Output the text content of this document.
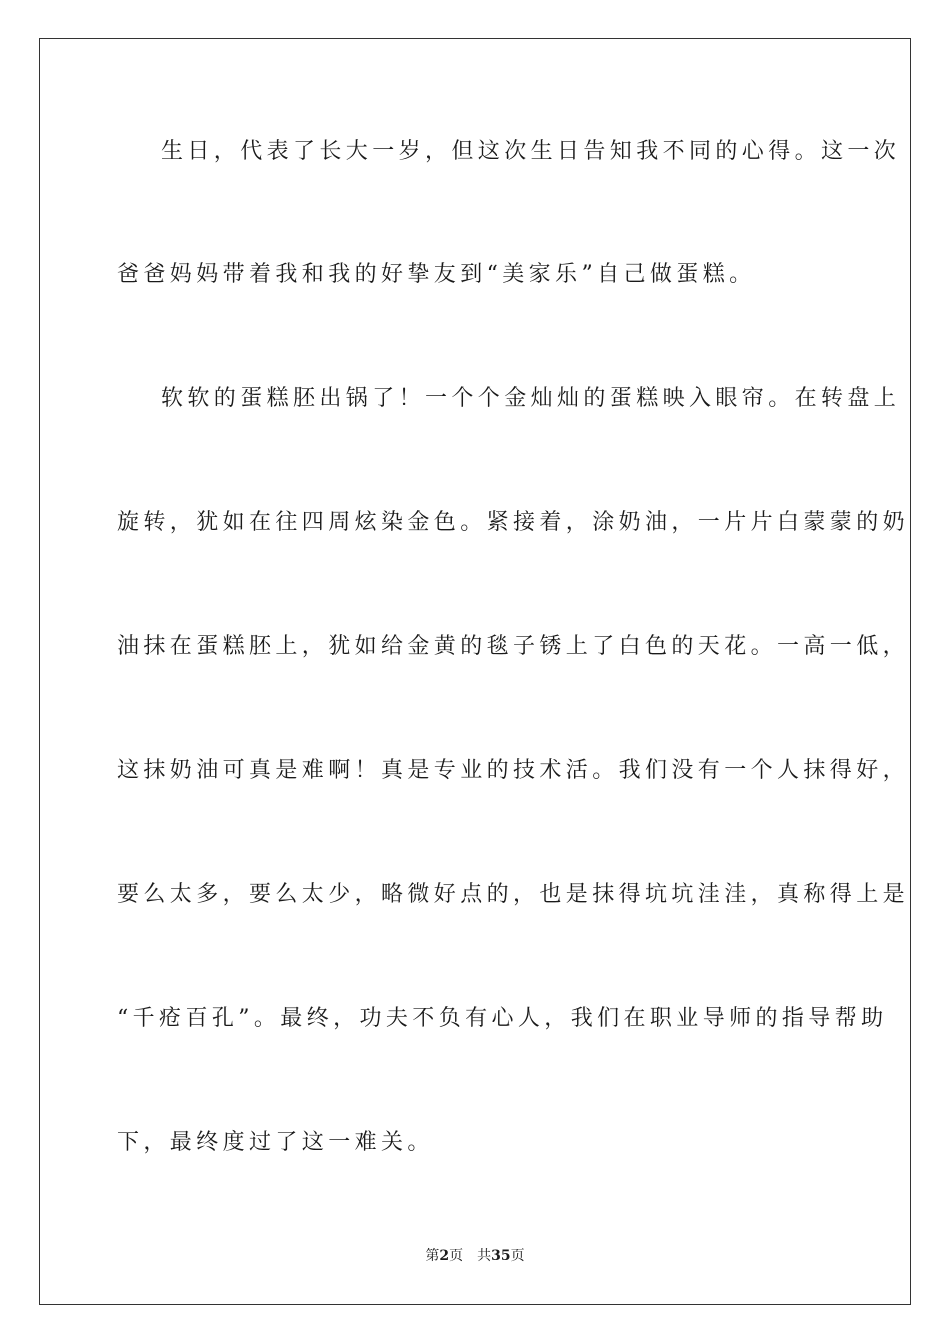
生日，代表了长大一岁，但这次生日告知我不同的心得。这一次
爸爸妈妈带着我和我的好挚友到“美家乐”自己做蛋糕。
软软的蛋糕胚出锅了！一个个金灿灿的蛋糕映入眼帘。在转盘上
旋转，犹如在往四周炫染金色。紧接着，涂奶油，一片片白蒙蒙的奶
油抹在蛋糕胚上，犹如给金黄的毯子锈上了白色的天花。一高一低，
这抹奶油可真是难啊！真是专业的技术活。我们没有一个人抹得好，
要么太多，要么太少，略微好点的，也是抹得坑坑洼洼，真称得上是
“千疮百孔”。最终，功夫不负有心人，我们在职业导师的指导帮助
下，最终度过了这一难关。
第2页 共35页
